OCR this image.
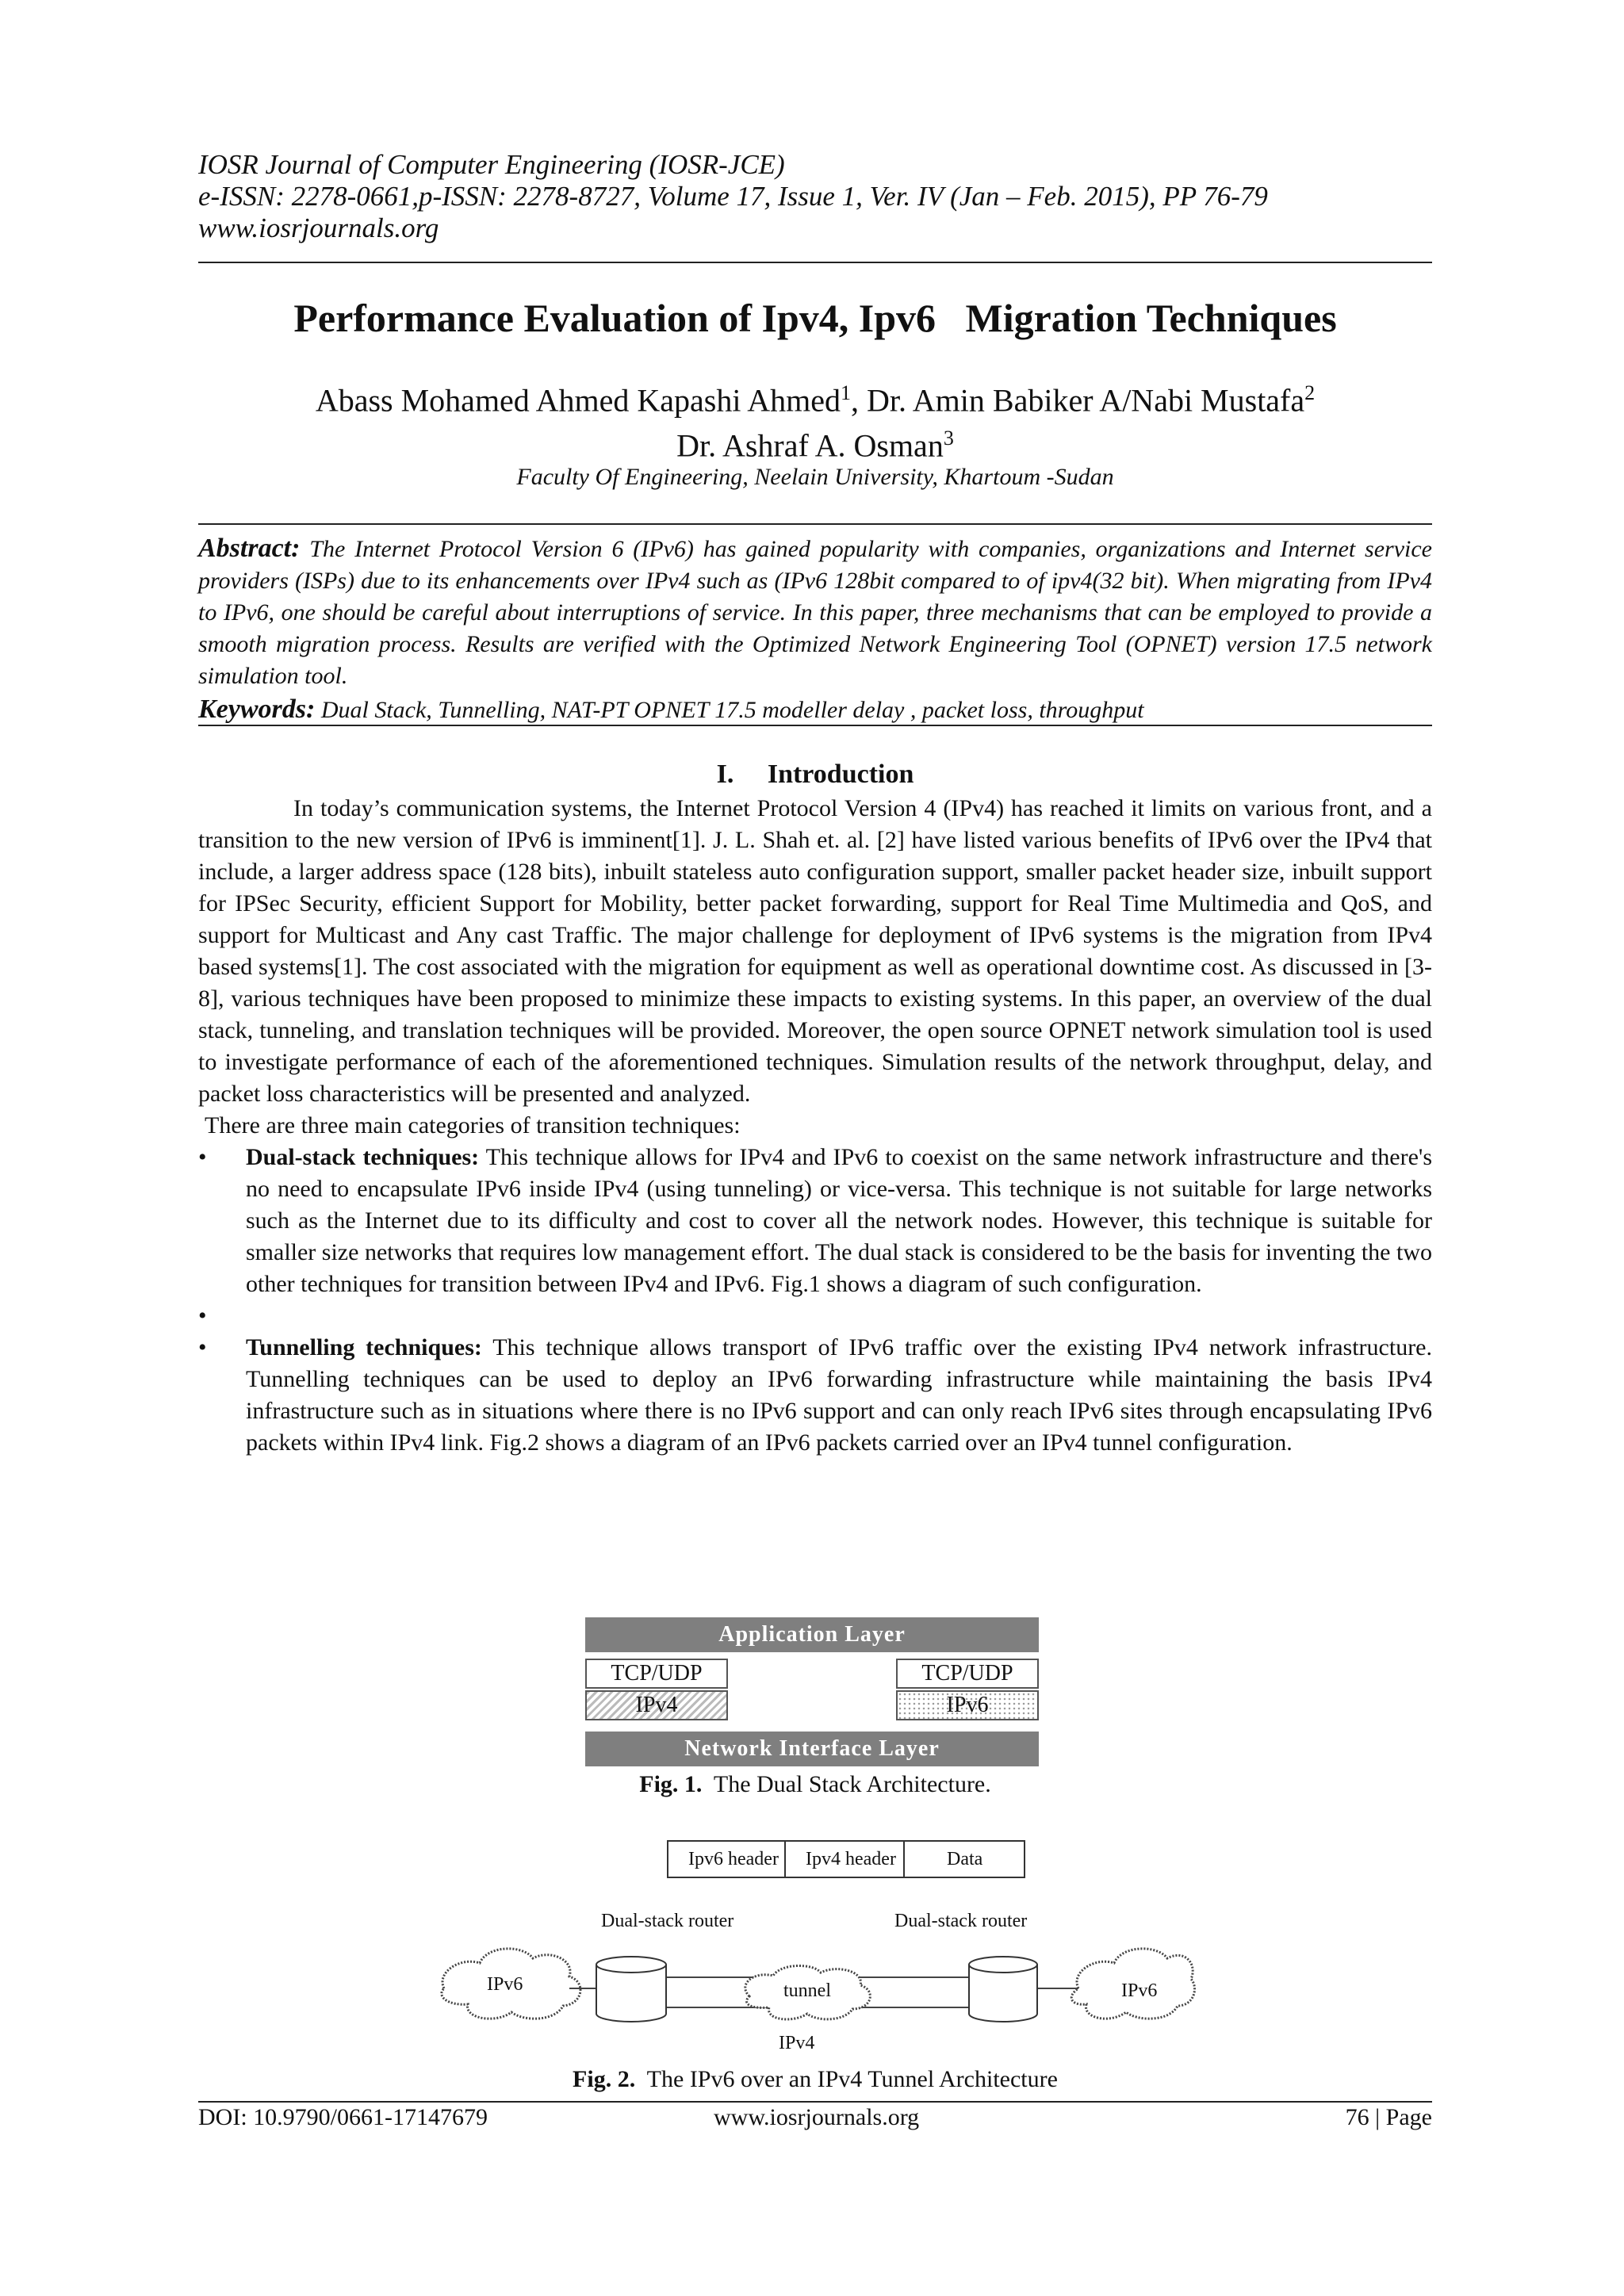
IOSR Journal of Computer Engineering (IOSR-JCE)
e-ISSN: 2278-0661,p-ISSN: 2278-8727, Volume 17, Issue 1, Ver. IV (Jan – Feb. 2015), PP 76-79
www.iosrjournals.org
Performance Evaluation of Ipv4, Ipv6   Migration Techniques
Abass Mohamed Ahmed Kapashi Ahmed$^1$, Dr. Amin Babiker A/Nabi Mustafa$^2$
Dr. Ashraf A. Osman$^3$
Faculty Of Engineering, Neelain University, Khartoum -Sudan
Abstract: The Internet Protocol Version 6 (IPv6) has gained popularity with companies, organizations and Internet service providers (ISPs) due to its enhancements over IPv4 such as (IPv6 128bit compared to of ipv4(32 bit). When migrating from IPv4 to IPv6, one should be careful about interruptions of service. In this paper, three mechanisms that can be employed to provide a smooth migration process. Results are verified with the Optimized Network Engineering Tool (OPNET) version 17.5 network simulation tool.
Keywords: Dual Stack, Tunnelling, NAT-PT OPNET 17.5 modeller delay , packet loss, throughput
I.     Introduction

In today’s communication systems, the Internet Protocol Version 4 (IPv4) has reached it limits on various front, and a transition to the new version of IPv6 is imminent[1]. J. L. Shah et. al. [2] have listed various benefits of IPv6 over the IPv4 that include, a larger address space (128 bits), inbuilt stateless auto configuration support, smaller packet header size, inbuilt support for IPSec Security, efficient Support for Mobility, better packet forwarding, support for Real Time Multimedia and QoS, and support for Multicast and Any cast Traffic. The major challenge for deployment of IPv6 systems is the migration from IPv4 based systems[1]. The cost associated with the migration for equipment as well as operational downtime cost. As discussed in [3-8], various techniques have been proposed to minimize these impacts to existing systems. In this paper, an overview of the dual stack, tunneling, and translation techniques will be provided. Moreover, the open source OPNET network simulation tool is used to investigate performance of each of the aforementioned techniques. Simulation results of the network throughput, delay, and packet loss characteristics will be presented and analyzed.

There are three main categories of transition techniques:

• Dual-stack techniques: This technique allows for IPv4 and IPv6 to coexist on the same network infrastructure and there's no need to encapsulate IPv6 inside IPv4 (using tunneling) or vice-versa. This technique is not suitable for large networks such as the Internet due to its difficulty and cost to cover all the network nodes. However, this technique is suitable for smaller size networks that requires low management effort. The dual stack is considered to be the basis for inventing the two other techniques for transition between IPv4 and IPv6. Fig.1 shows a diagram of such configuration.
•
• Tunnelling techniques: This technique allows transport of IPv6 traffic over the existing IPv4 network infrastructure. Tunnelling techniques can be used to deploy an IPv6 forwarding infrastructure while maintaining the basis IPv4 infrastructure such as in situations where there is no IPv6 support and can only reach IPv6 sites through encapsulating IPv6 packets within IPv4 link. Fig.2 shows a diagram of an IPv6 packets carried over an IPv4 tunnel configuration.
Application Layer
TCP/UDP
IPv4
TCP/UDP
IPv6
Network Interface Layer
Fig. 1.  The Dual Stack Architecture.
Ipv6 header Ipv4 header	Data
Dual-stack router	Dual-stack router
IPv6	tunnel	IPv6
IPv4
Fig. 2.  The IPv6 over an IPv4 Tunnel Architecture
DOI: 10.9790/0661-17147679	www.iosrjournals.org	76 | Page
